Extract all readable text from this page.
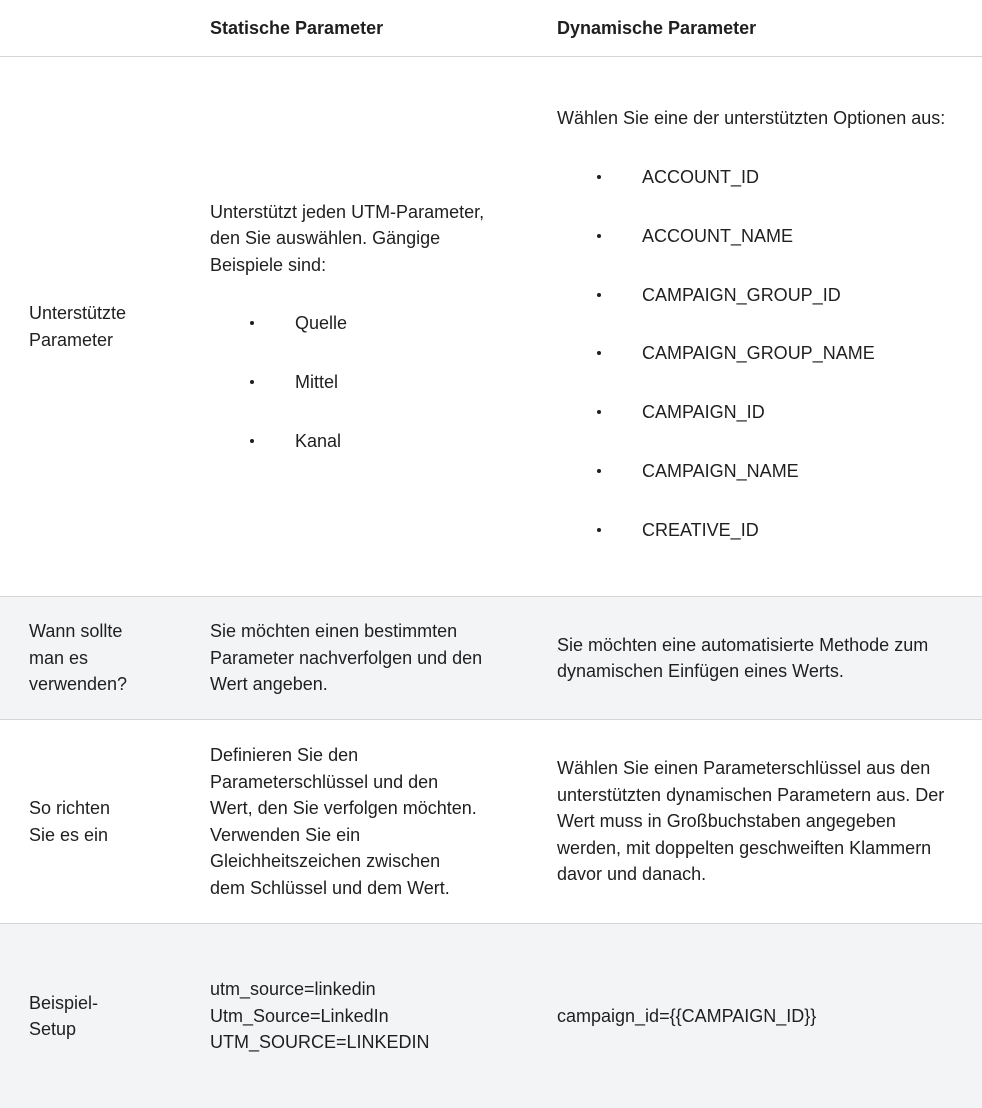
Statische Parameter	Dynamische Parameter
Unterstützte Parameter

Unterstützt jeden UTM-Parameter, den Sie auswählen. Gängige Beispiele sind:

Quelle
Mittel
Kanal

Wählen Sie eine der unterstützten Optionen aus:

ACCOUNT_ID
ACCOUNT_NAME
CAMPAIGN_GROUP_ID
CAMPAIGN_GROUP_NAME
CAMPAIGN_ID
CAMPAIGN_NAME
CREATIVE_ID
Wann sollte man es verwenden?
Sie möchten einen bestimmten Parameter nachverfolgen und den Wert angeben.
Sie möchten eine automatisierte Methode zum dynamischen Einfügen eines Werts.
So richten Sie es ein
Definieren Sie den Parameterschlüssel und den Wert, den Sie verfolgen möchten. Verwenden Sie ein Gleichheitszeichen zwischen dem Schlüssel und dem Wert.
Wählen Sie einen Parameterschlüssel aus den unterstützten dynamischen Parametern aus. Der Wert muss in Großbuchstaben angegeben werden, mit doppelten geschweiften Klammern davor und danach.
Beispiel-Setup
utm_source=linkedin
Utm_Source=LinkedIn
UTM_SOURCE=LINKEDIN
campaign_id={{CAMPAIGN_ID}}
